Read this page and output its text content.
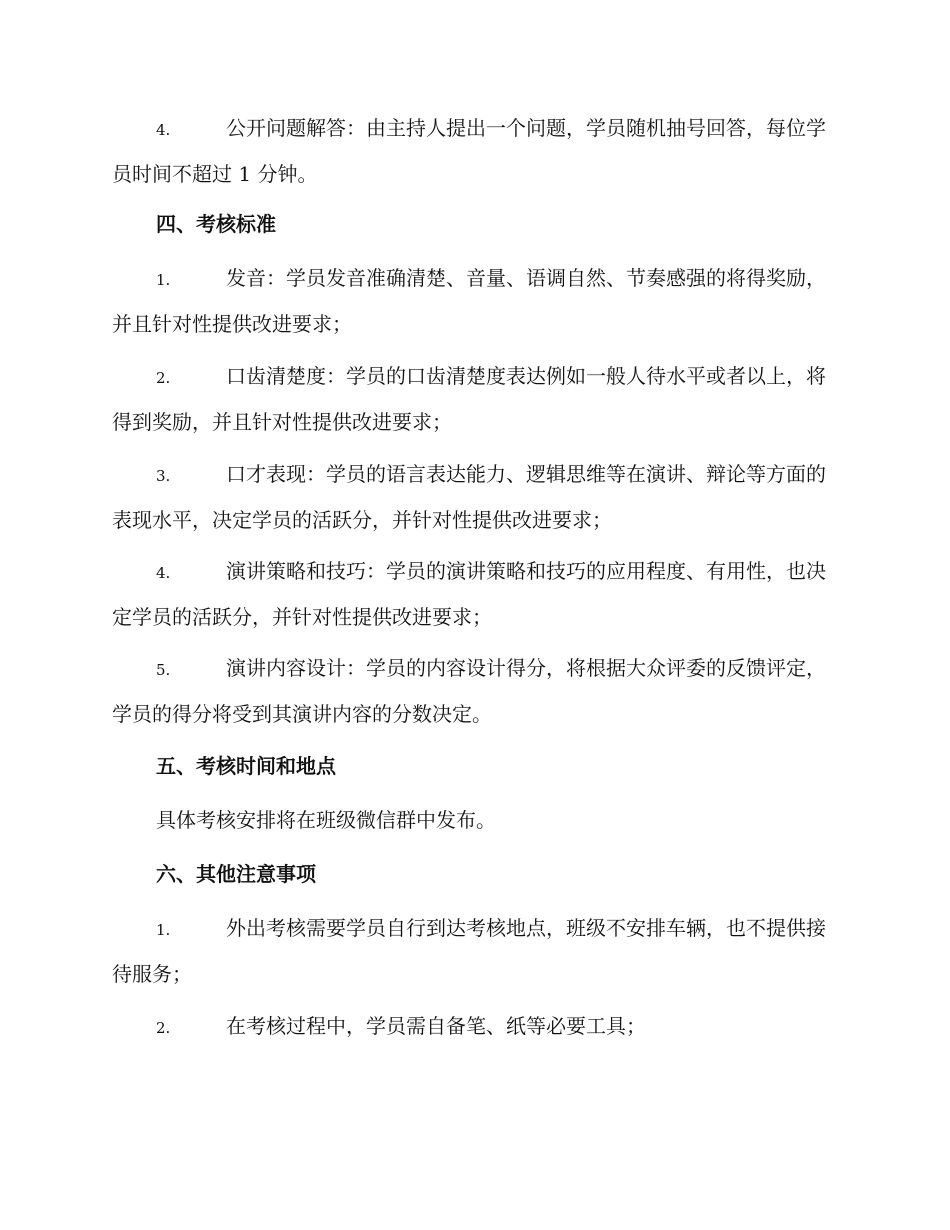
4.	公开问题解答：由主持人提出一个问题，学员随机抽号回答，每位学员时间不超过 1 分钟。
四、考核标准
1.	发音：学员发音准确清楚、音量、语调自然、节奏感强的将得奖励，并且针对性提供改进要求；
2.	口齿清楚度：学员的口齿清楚度表达例如一般人待水平或者以上，将得到奖励，并且针对性提供改进要求；
3.	口才表现：学员的语言表达能力、逻辑思维等在演讲、辩论等方面的表现水平，决定学员的活跃分，并针对性提供改进要求；
4.	演讲策略和技巧：学员的演讲策略和技巧的应用程度、有用性，也决定学员的活跃分，并针对性提供改进要求；
5.	演讲内容设计：学员的内容设计得分，将根据大众评委的反馈评定，学员的得分将受到其演讲内容的分数决定。
五、考核时间和地点
具体考核安排将在班级微信群中发布。
六、其他注意事项
1.	外出考核需要学员自行到达考核地点，班级不安排车辆，也不提供接待服务；
2.	在考核过程中，学员需自备笔、纸等必要工具；
